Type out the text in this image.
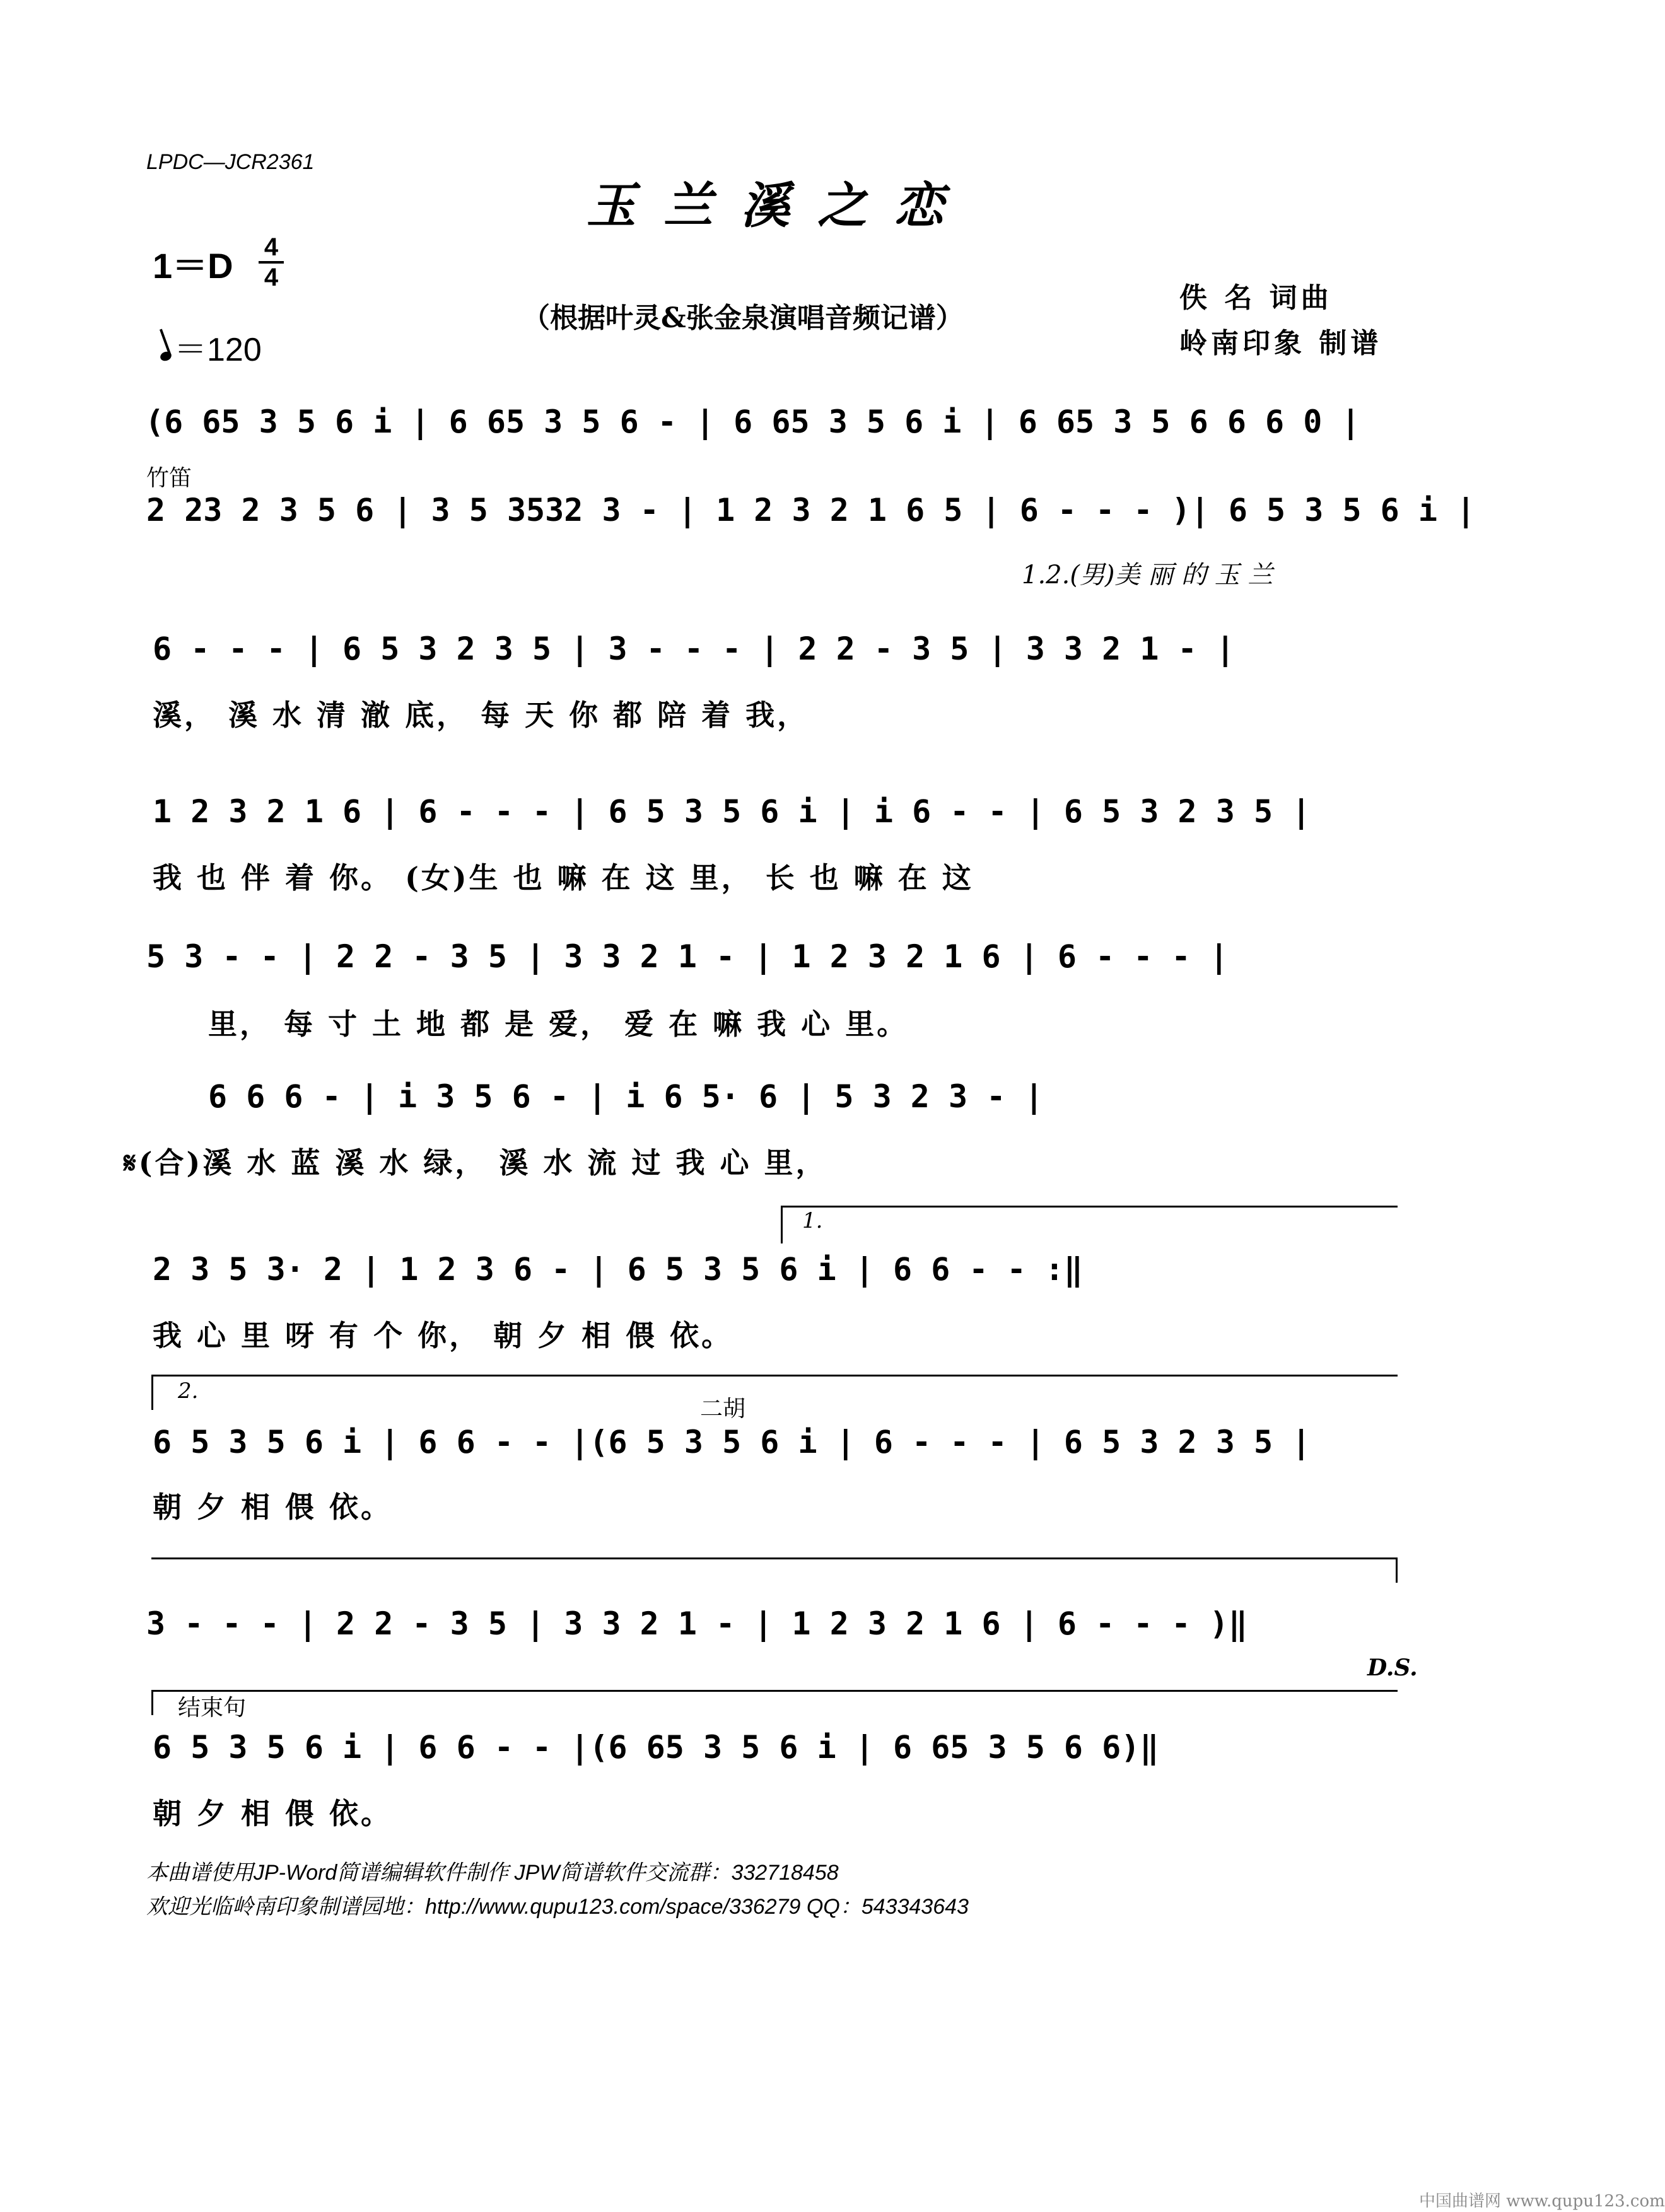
LPDC—JCR2361
玉兰溪之恋
1＝D 4
4
＝120
（根据叶灵&张金泉演唱音频记谱）
佚 名 词曲
岭南印象 制谱
(6 65 3 5 6 i | 6 65 3 5 6 - | 6 65 3 5 6 i | 6 65 3 5 6 6 6 0 |
竹笛
2 23 2 3 5 6 | 3 5 3532 3 - | 1 2 3 2 1 6 5 | 6 - - - )| 6 5 3 5 6 i |
1.2.(男)美 丽 的 玉 兰
6 - - - | 6 5 3 2 3 5 | 3 - - - | 2 2 - 3 5 | 3 3 2 1 - |
溪， 溪 水 清 澈 底， 每 天 你 都 陪 着 我，
1 2 3 2 1 6 | 6 - - - | 6 5 3 5 6 i | i 6 - - | 6 5 3 2 3 5 |
我 也 伴 着 你。 (女)生 也 嘛 在 这 里， 长 也 嘛 在 这
5 3 - - | 2 2 - 3 5 | 3 3 2 1 - | 1 2 3 2 1 6 | 6 - - - |
里， 每 寸 土 地 都 是 爱， 爱 在 嘛 我 心 里。
6 6 6 - | i 3 5 6 - | i 6 5· 6 | 5 3 2 3 - |
𝄋(合)溪 水 蓝 溪 水 绿， 溪 水 流 过 我 心 里，
1.
2 3 5 3· 2 | 1 2 3 6 - | 6 5 3 5 6 i | 6 6 - - :‖
我 心 里 呀 有 个 你， 朝 夕 相 偎 依。
2.
二胡
6 5 3 5 6 i | 6 6 - - |(6 5 3 5 6 i | 6 - - - | 6 5 3 2 3 5 |
朝 夕 相 偎 依。
3 - - - | 2 2 - 3 5 | 3 3 2 1 - | 1 2 3 2 1 6 | 6 - - - )‖
D.S.
结束句
6 5 3 5 6 i | 6 6 - - |(6 65 3 5 6 i | 6 65 3 5 6 6)‖
朝 夕 相 偎 依。
本曲谱使用JP-Word简谱编辑软件制作 JPW简谱软件交流群：332718458
欢迎光临岭南印象制谱园地：http://www.qupu123.com/space/336279 QQ：543343643
中国曲谱网 www.qupu123.com
